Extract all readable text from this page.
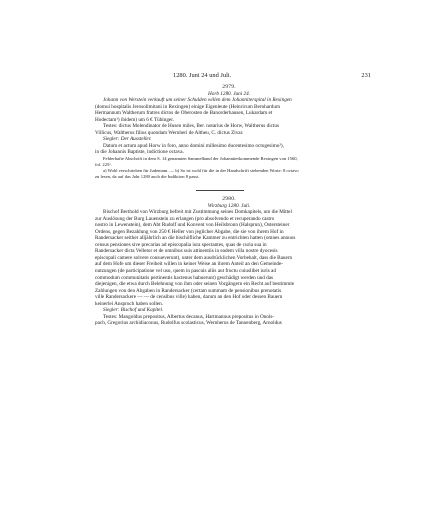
1280. Juni 24 und Juli.	231

2979.

Horb 1280. Juni 24.

Johann von Werstein verkauft um seiner Schulden willen dem Johanniterspital in Rexingen

(domui hospitalis Jerosolimitani in Rexingen) einige Eigenleute (Heinricum Bernhardum

Hermannum Waltherum fratres dictos de Oberosten de Banorderhausen, Lukardam et

Hodectam¹) ibidem) um 6 € Tübinger.

Testes: dictus Molendinator de Husen miles, Ber. notarius de Horw, Waltherus dictus

Villicus, Waltherus filius quondam Wernheri de Altheu, C. dictus Zivar.

Siegler: Der Aussteller.

Datum et actum apud Horw in foro, anno domini millesimo ducentesimo octogesimo²),

in die Johannis Baptiste, indictione octava.

Fehlerhafte Abschrift in dem S. 14 genannten Sammelband der Johanniterkommende Rexingen von 1560,

fol. 225ᵃ.

a) Wohl verschrieben für Judentam. — b) So ist wohl für die in der Handschrift stehenden Worte: 8 octavo

zu lesen, da auf das Jahr 1280 auch die Indiktion 8 passt.

2980.

Wirzburg 1280. Juli.

Bischof Berthold von Wirzburg befreit mit Zustimmung seines Domkapitels, um die Mittel

zur Auslösung der Burg Lauenstein zu erlangen (pro absolvendo et recuperando castro

nostro in Lewenstein), dem Abt Rudolf und Konvent von Heilsbronn (Halsprun), Ostersteiner

Ordens, gegen Bezahlung von 250 € Heller von jeglicher Abgabe, die sie von ihrem Hof in

Randersacker seither alljährlich an die bischöfliche Kammer zu entrichten hatten (omnes annuos

census pensiones sive precarias ad episcopalia iura spectantes, quas de curia sua in

Randersacker dicta Velletor et de omnibus suis attinentiis in eadem villa nostre dyocesis

episcopali camere solvere consueverunt), unter dem ausdrücklichen Vorbehalt, dass die Bauern

auf dem Hofe um dieser Freiheit willen in keiner Weise an ihrem Anteil an den Gemeinde-

nutzungen (de participatione vel usu, quem in pascuis aliis aut fructu cuiuslibet iuris ad

commodum communitatis pertinentis hactenus habuerunt) geschädigt werden und das

diejenigen, die etwa durch Belehnung von ihm oder seinen Vorgängern ein Recht auf bestimmte

Zahlungen von den Abgaben in Randersacker (certam summam de pensionibus prenotatis

ville Randersackere — — de censibus ville) haben, darum an den Hof oder dessen Bauern

keinerlei Anspruch haben sollen.

Siegler: Bischof und Kapitel.

Testes: Mangoldus prepositus, Albertus decanus, Hartmannus prepositus in Onols-

pach, Gregorius archidiaconus, Rudolfus scolasticus, Wernherus de Tannenberg, Arnoldus
